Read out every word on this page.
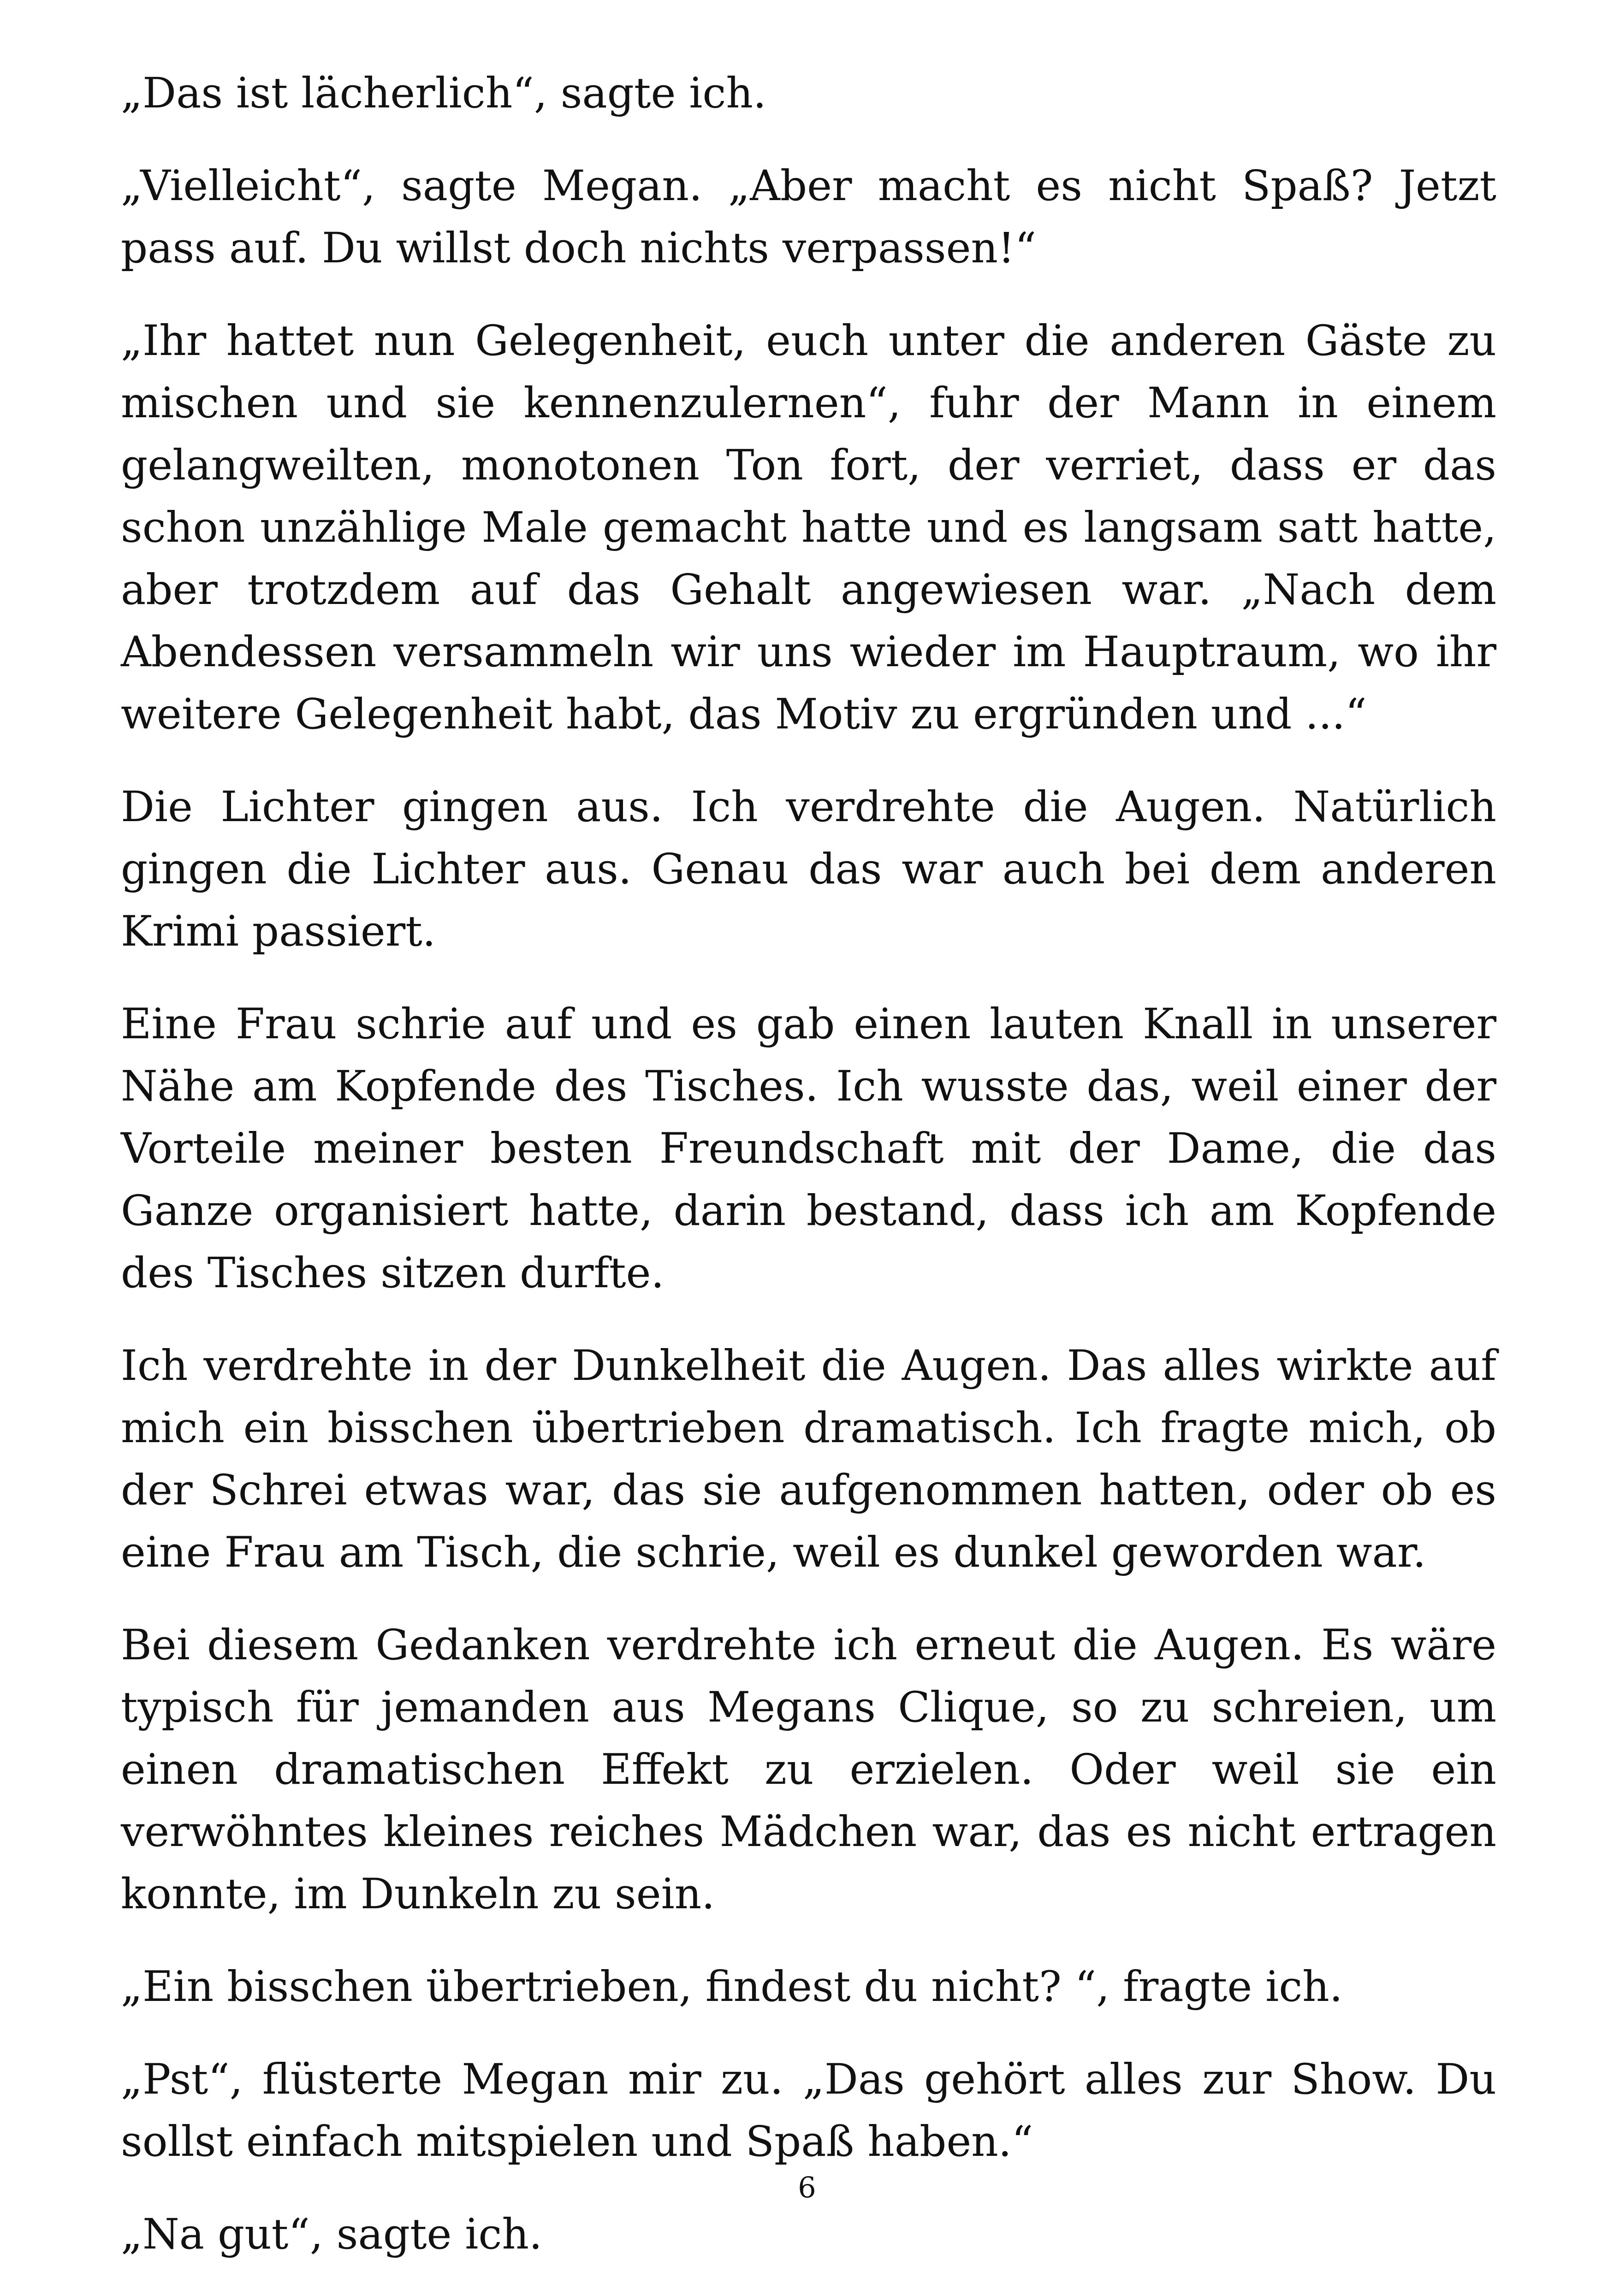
„Das ist lächerlich“, sagte ich.

„Vielleicht“, sagte Megan. „Aber macht es nicht Spaß? Jetzt pass auf. Du willst doch nichts verpassen!“

„Ihr hattet nun Gelegenheit, euch unter die anderen Gäste zu mischen und sie kennenzulernen“, fuhr der Mann in einem gelangweilten, monotonen Ton fort, der verriet, dass er das schon unzählige Male gemacht hatte und es langsam satt hatte, aber trotzdem auf das Gehalt angewiesen war. „Nach dem Abendessen versammeln wir uns wieder im Hauptraum, wo ihr weitere Gelegenheit habt, das Motiv zu ergründen und ...“

Die Lichter gingen aus. Ich verdrehte die Augen. Natürlich gingen die Lichter aus. Genau das war auch bei dem anderen Krimi passiert.

Eine Frau schrie auf und es gab einen lauten Knall in unserer Nähe am Kopfende des Tisches. Ich wusste das, weil einer der Vorteile meiner besten Freundschaft mit der Dame, die das Ganze organisiert hatte, darin bestand, dass ich am Kopfende des Tisches sitzen durfte.

Ich verdrehte in der Dunkelheit die Augen. Das alles wirkte auf mich ein bisschen übertrieben dramatisch. Ich fragte mich, ob der Schrei etwas war, das sie aufgenommen hatten, oder ob es eine Frau am Tisch, die schrie, weil es dunkel geworden war.

Bei diesem Gedanken verdrehte ich erneut die Augen. Es wäre typisch für jemanden aus Megans Clique, so zu schreien, um einen dramatischen Effekt zu erzielen. Oder weil sie ein verwöhntes kleines reiches Mädchen war, das es nicht ertragen konnte, im Dunkeln zu sein.

„Ein bisschen übertrieben, findest du nicht? “, fragte ich.

„Pst“, flüsterte Megan mir zu. „Das gehört alles zur Show. Du sollst einfach mitspielen und Spaß haben.“

„Na gut“, sagte ich.

6
